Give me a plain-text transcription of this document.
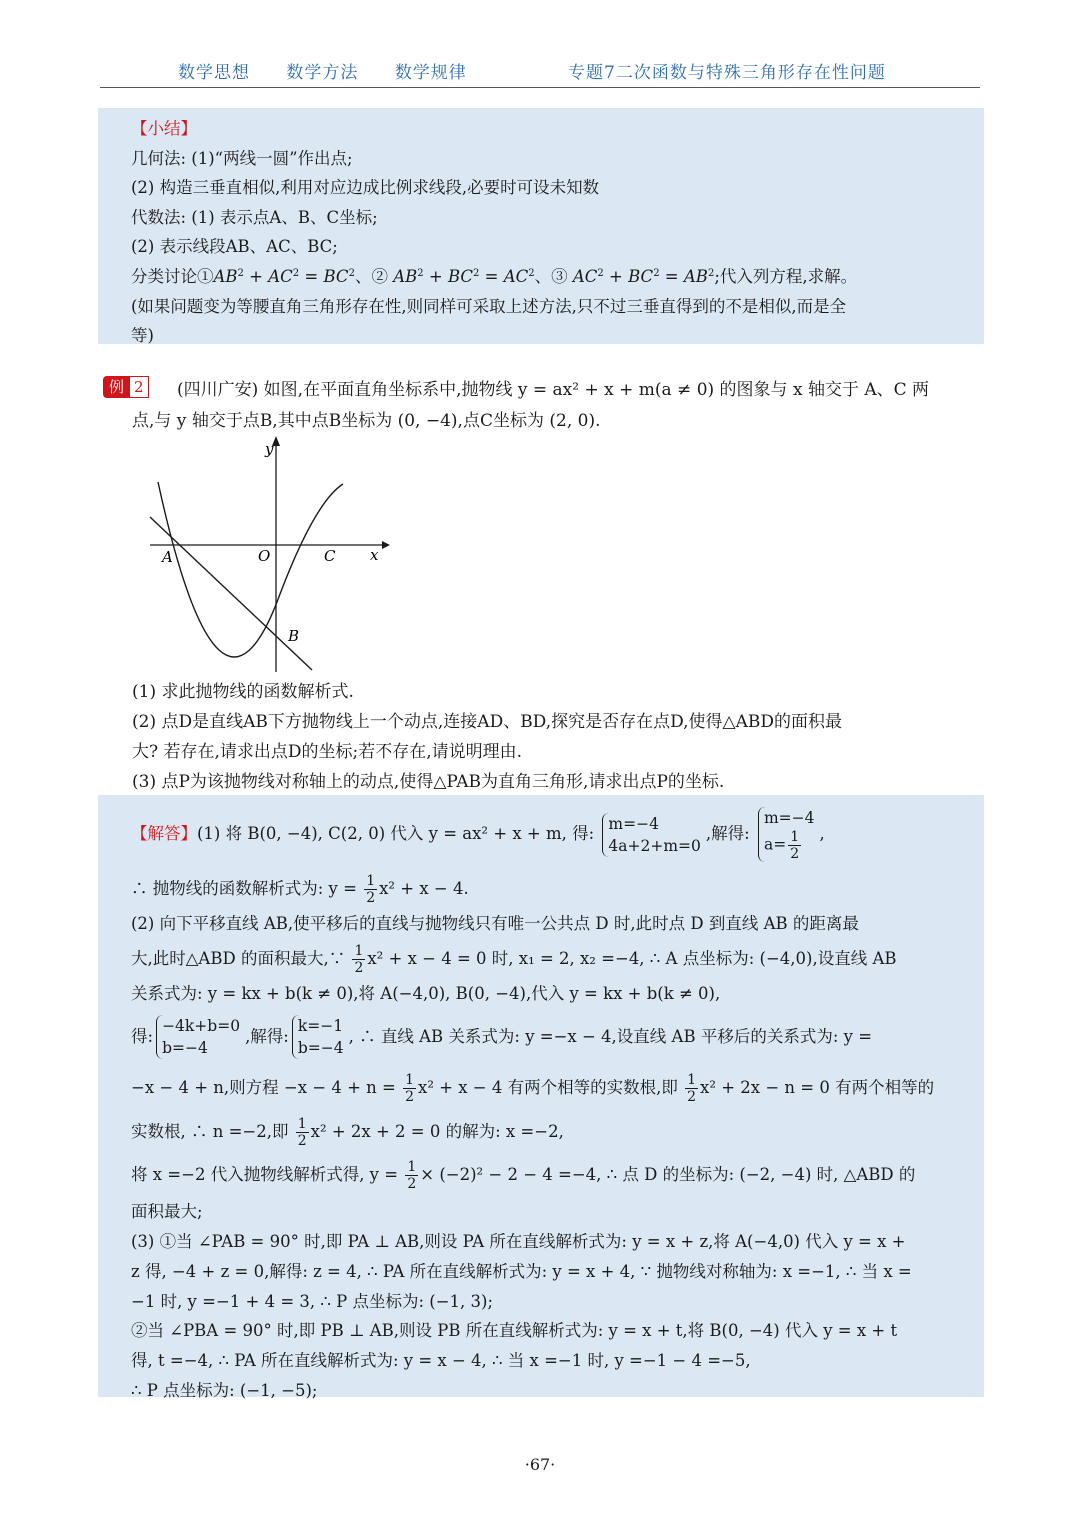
数学思想 数学方法 数学规律	专题7二次函数与特殊三角形存在性问题
【小结】
几何法: (1)“两线一圆”作出点;
(2) 构造三垂直相似,利用对应边成比例求线段,必要时可设未知数
代数法: (1) 表示点A、B、C坐标;
(2) 表示线段AB、AC、BC;
分类讨论$①AB^2 + AC^2 = BC^2$、② $AB^2 + BC^2 = AC^2$、③ $AC^2 + BC^2 = AB^2$;代入列方程,求解。
(如果问题变为等腰直角三角形存在性,则同样可采取上述方法,只不过三垂直得到的不是相似,而是全
等)
例 2	(四川广安) 如图,在平面直角坐标系中,抛物线 y = ax² + x + m(a ≠ 0) 的图象与 x 轴交于 A、C 两
点,与 y 轴交于点B,其中点B坐标为 (0, −4),点C坐标为 (2, 0).
y
x
O
A	C
B
(1) 求此抛物线的函数解析式.
(2) 点D是直线AB下方抛物线上一个动点,连接AD、BD,探究是否存在点D,使得△ABD的面积最
大? 若存在,请求出点D的坐标;若不存在,请说明理由.
(3) 点P为该抛物线对称轴上的动点,使得△PAB为直角三角形,请求出点P的坐标.
【解答】(1) 将 B(0, −4), C(2, 0) 代入 y = ax² + x + m, 得:
m=−4
4a+2+m=0
,解得:
m=−4
$a= \frac{1}{2}$ ,
∴ 抛物线的函数解析式为: $y = \frac{1}{2} x^2 + x - 4$.
(2) 向下平移直线 AB,使平移后的直线与抛物线只有唯一公共点 D 时,此时点 D 到直线 AB 的距离最
大,此时△ABD 的面积最大,∵ $\frac{1}{2} x^2 + x - 4 = 0$ 时, x₁ = 2, x₂ =−4, ∴ A 点坐标为: (−4,0),设直线 AB
关系式为: y = kx + b(k ≠ 0),将 A(−4,0), B(0, −4),代入 y = kx + b(k ≠ 0),
得:
−4k+b=0
b=−4
,解得:
k=−1
b=−4
, ∴ 直线 AB 关系式为: y =−x − 4,设直线 AB 平移后的关系式为: y =
−x − 4 + n,则方程 $-x - 4 + n = \frac{1}{2} x^2 + x - 4$ 有两个相等的实数根,即 $\frac{1}{2} x^2 + 2x - n = 0$ 有两个相等的
实数根, ∴ n =−2,即 $\frac{1}{2} x^2 + 2x + 2 = 0$ 的解为: x =−2,
将 x =−2 代入抛物线解析式得, $y = \frac{1}{2} \times (-2)^2 - 2 - 4 =-4$, ∴ 点 D 的坐标为: (−2, −4) 时, △ABD 的
面积最大;
(3) ①当 ∠PAB = 90° 时,即 PA ⊥ AB,则设 PA 所在直线解析式为: y = x + z,将 A(−4,0) 代入 y = x +
z 得, −4 + z = 0,解得: z = 4, ∴ PA 所在直线解析式为: y = x + 4, ∵ 抛物线对称轴为: x =−1, ∴ 当 x =
−1 时, y =−1 + 4 = 3, ∴ P 点坐标为: (−1, 3);
②当 ∠PBA = 90° 时,即 PB ⊥ AB,则设 PB 所在直线解析式为: y = x + t,将 B(0, −4) 代入 y = x + t
得, t =−4, ∴ PA 所在直线解析式为: y = x − 4, ∴ 当 x =−1 时, y =−1 − 4 =−5,
∴ P 点坐标为: (−1, −5);
·67·
